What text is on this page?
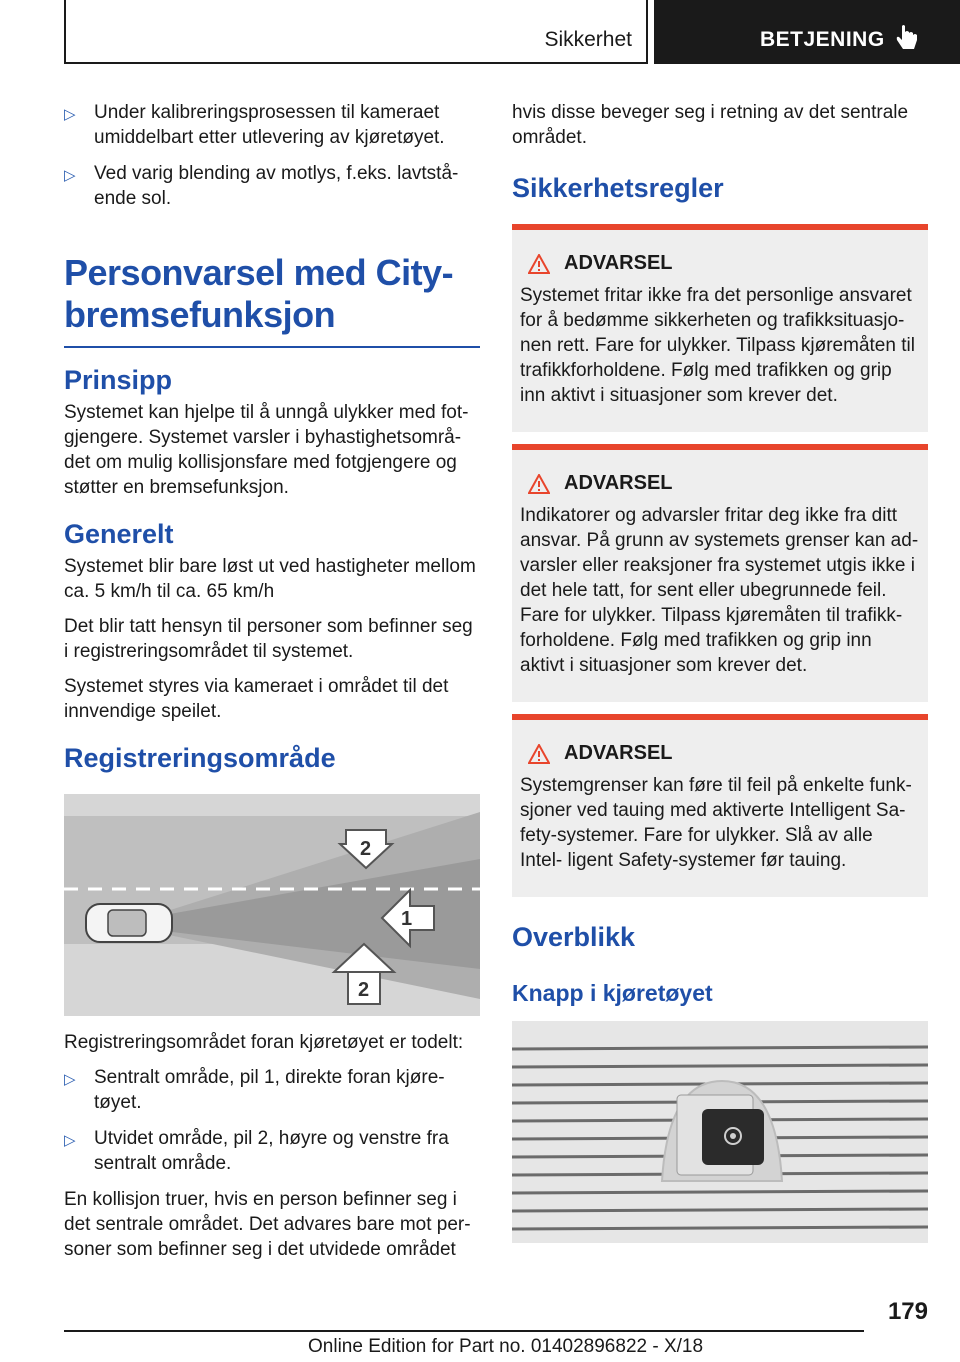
Sikkerhet	BETJENING
▷ Under kalibreringsprosessen til kameraet umiddelbart etter utlevering av kjøretøyet.
▷ Ved varig blending av motlys, f.eks. lavtstå- ende sol.
Personvarsel med City- bremsefunksjon
Prinsipp

Systemet kan hjelpe til å unngå ulykker med fot- gjengere. Systemet varsler i byhastighetsområ- det om mulig kollisjonsfare med fotgjengere og støtter en bremsefunksjon.

Generelt

Systemet blir bare løst ut ved hastigheter mellom ca. 5 km/h til ca. 65 km/h

Det blir tatt hensyn til personer som befinner seg i registreringsområdet til systemet.

Systemet styres via kameraet i området til det innvendige speilet.

Registreringsområde
2
1
2

Registreringsområdet foran kjøretøyet er todelt:

▷ Sentralt område, pil 1, direkte foran kjøre- tøyet.
▷ Utvidet område, pil 2, høyre og venstre fra sentralt område.

En kollisjon truer, hvis en person befinner seg i det sentrale området. Det advares bare mot per- soner som befinner seg i det utvidede området

hvis disse beveger seg i retning av det sentrale området.

Sikkerhetsregler
ADVARSEL
Systemet fritar ikke fra det personlige ansvaret for å bedømme sikkerheten og trafikksituasjo- nen rett. Fare for ulykker. Tilpass kjøremåten til trafikkforholdene. Følg med trafikken og grip inn aktivt i situasjoner som krever det.
ADVARSEL
Indikatorer og advarsler fritar deg ikke fra ditt ansvar. På grunn av systemets grenser kan ad- varsler eller reaksjoner fra systemet utgis ikke i det hele tatt, for sent eller ubegrunnede feil. Fare for ulykker. Tilpass kjøremåten til trafikk- forholdene. Følg med trafikken og grip inn aktivt i situasjoner som krever det.
ADVARSEL
Systemgrenser kan føre til feil på enkelte funk- sjoner ved tauing med aktiverte Intelligent Sa- fety-systemer. Fare for ulykker. Slå av alle Intel- ligent Safety-systemer før tauing.
Overblikk
Knapp i kjøretøyet
179
Online Edition for Part no. 01402896822 - X/18
